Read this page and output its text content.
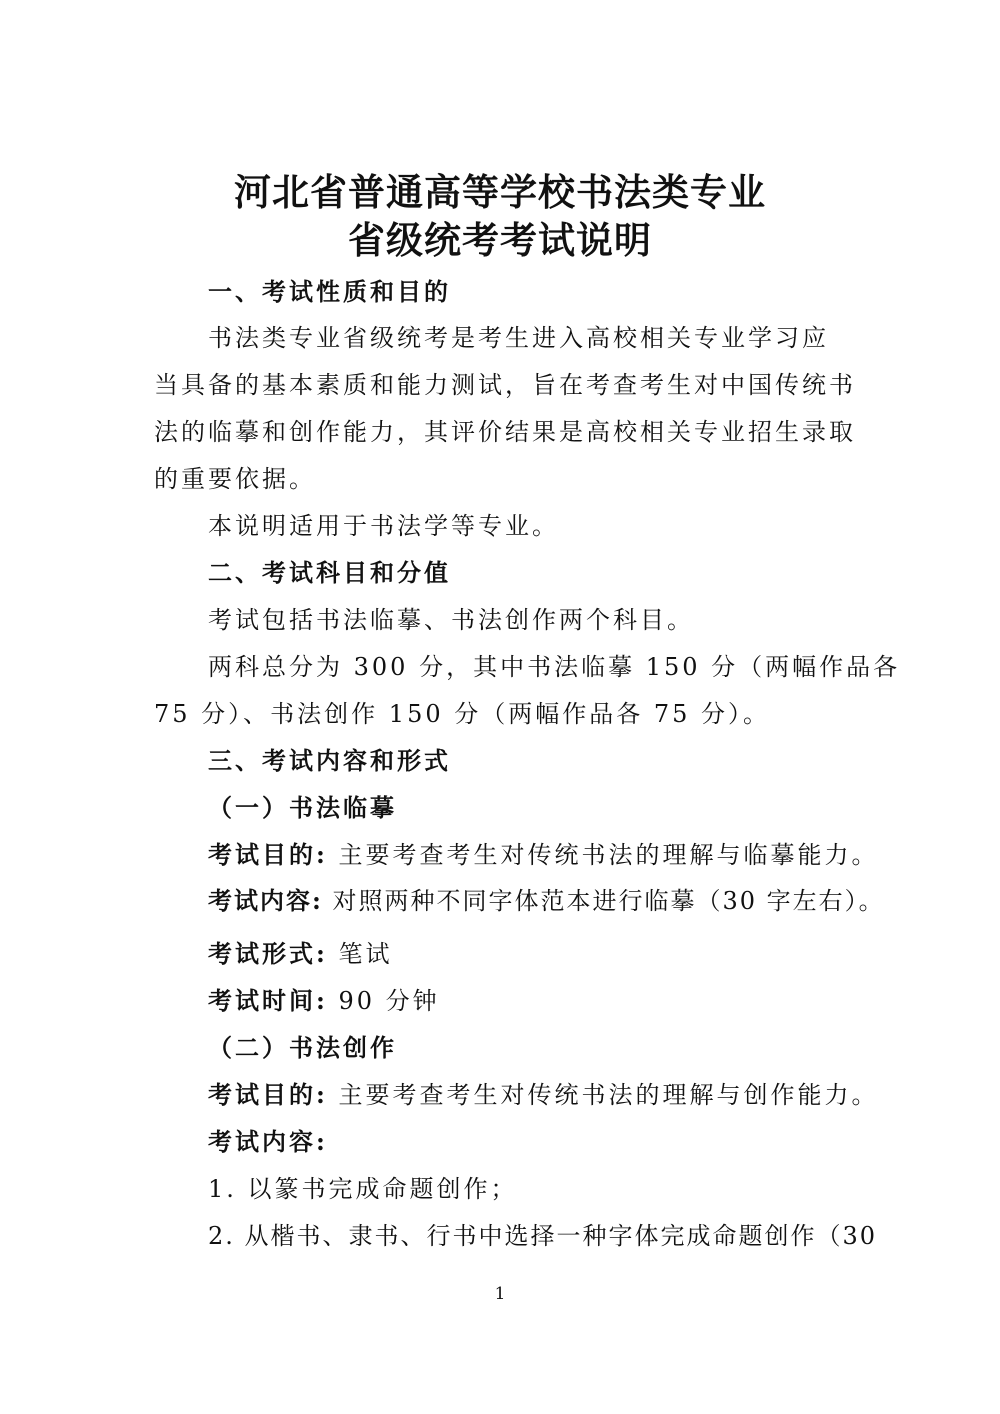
河北省普通高等学校书法类专业
省级统考考试说明
一、考试性质和目的
书法类专业省级统考是考生进入高校相关专业学习应
当具备的基本素质和能力测试，旨在考查考生对中国传统书
法的临摹和创作能力，其评价结果是高校相关专业招生录取
的重要依据。
本说明适用于书法学等专业。
二、考试科目和分值
考试包括书法临摹、书法创作两个科目。
两科总分为 300 分，其中书法临摹 150 分（两幅作品各
75 分）、书法创作 150 分（两幅作品各 75 分）。
三、考试内容和形式
（一）书法临摹
考试目的: 主要考查考生对传统书法的理解与临摹能力。
考试内容: 对照两种不同字体范本进行临摹（30 字左右）。
考试形式: 笔试
考试时间: 90 分钟
（二）书法创作
考试目的: 主要考查考生对传统书法的理解与创作能力。
考试内容:
1. 以篆书完成命题创作；
2. 从楷书、隶书、行书中选择一种字体完成命题创作（30
1
